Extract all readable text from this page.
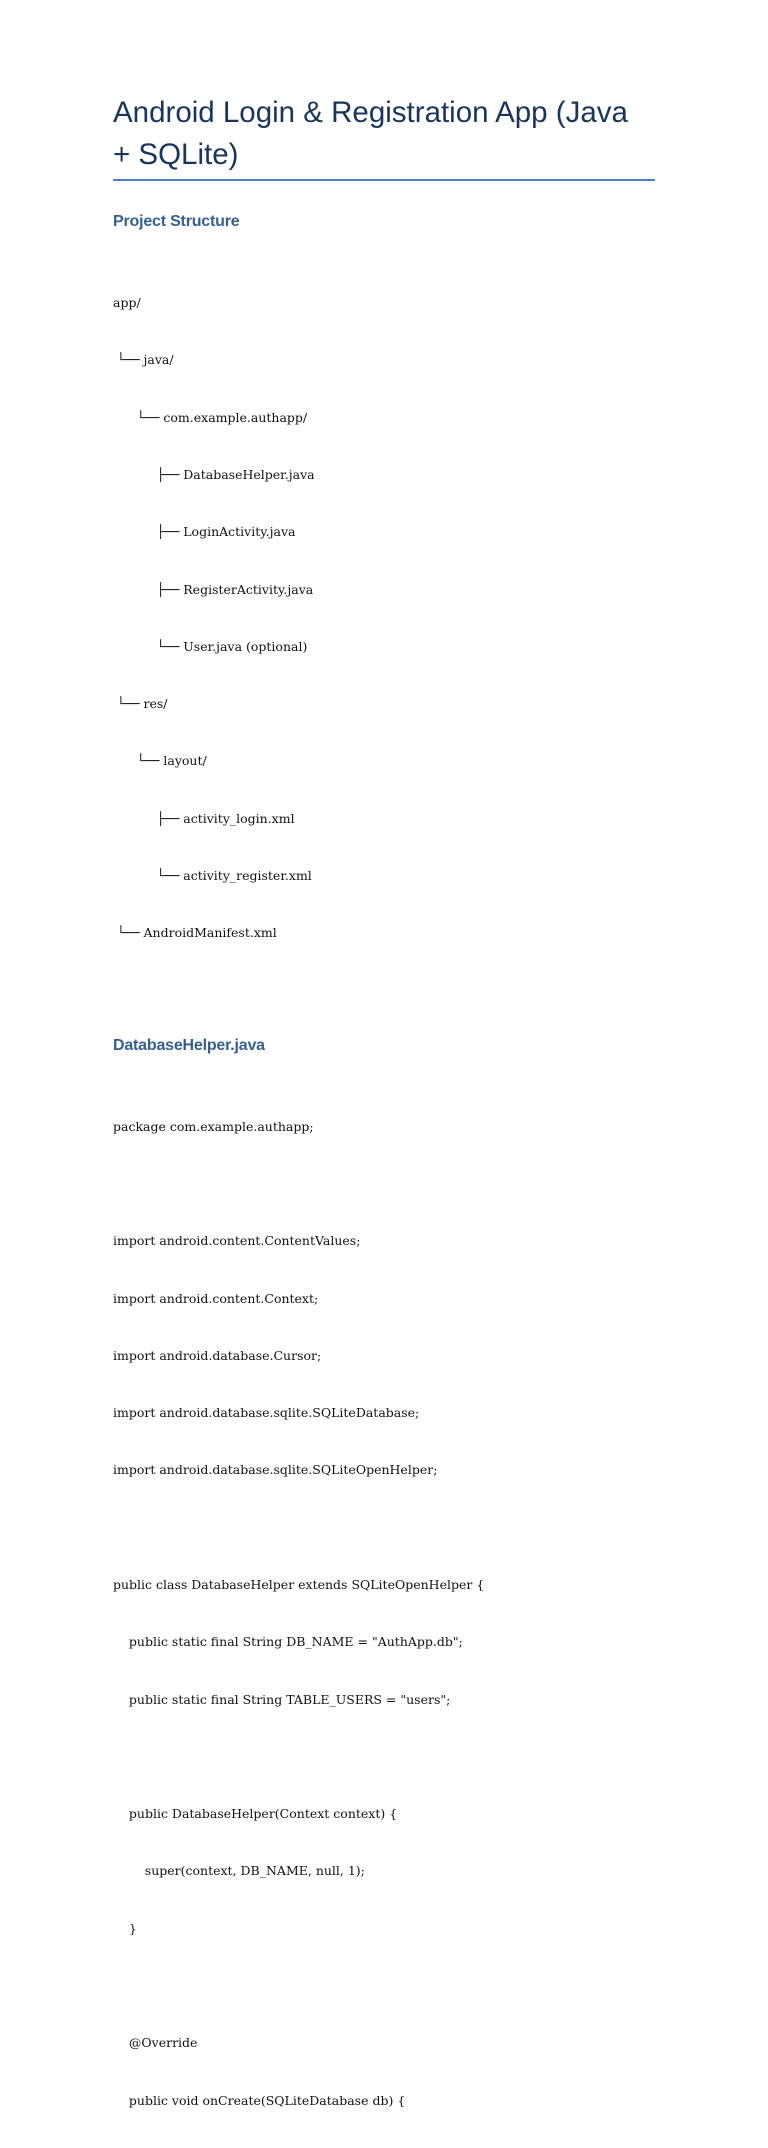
Android Login & Registration App (Java
+ SQLite)
Project Structure

app/

└── java/

└── com.example.authapp/

├── DatabaseHelper.java

├── LoginActivity.java

├── RegisterActivity.java

└── User.java (optional)

└── res/

└── layout/

├── activity_login.xml

└── activity_register.xml

└── AndroidManifest.xml

DatabaseHelper.java

package com.example.authapp;

import android.content.ContentValues;

import android.content.Context;

import android.database.Cursor;

import android.database.sqlite.SQLiteDatabase;

import android.database.sqlite.SQLiteOpenHelper;

public class DatabaseHelper extends SQLiteOpenHelper {

public static final String DB_NAME = "AuthApp.db";

public static final String TABLE_USERS = "users";

public DatabaseHelper(Context context) {

super(context, DB_NAME, null, 1);

}

@Override

public void onCreate(SQLiteDatabase db) {
